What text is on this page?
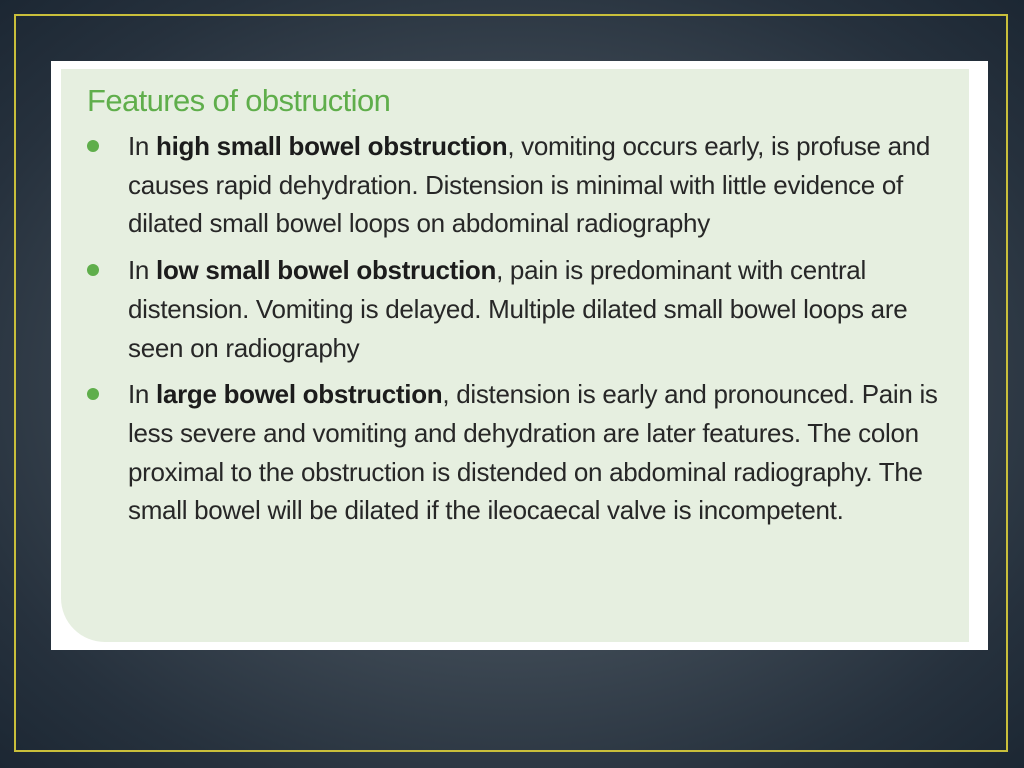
Features of obstruction
In high small bowel obstruction, vomiting occurs early, is profuse and causes rapid dehydration. Distension is minimal with little evidence of dilated small bowel loops on abdominal radiography
In low small bowel obstruction, pain is predominant with central distension. Vomiting is delayed. Multiple dilated small bowel loops are seen on radiography
In large bowel obstruction, distension is early and pronounced. Pain is less severe and vomiting and dehydration are later features. The colon proximal to the obstruction is distended on abdominal radiography. The small bowel will be dilated if the ileocaecal valve is incompetent.
